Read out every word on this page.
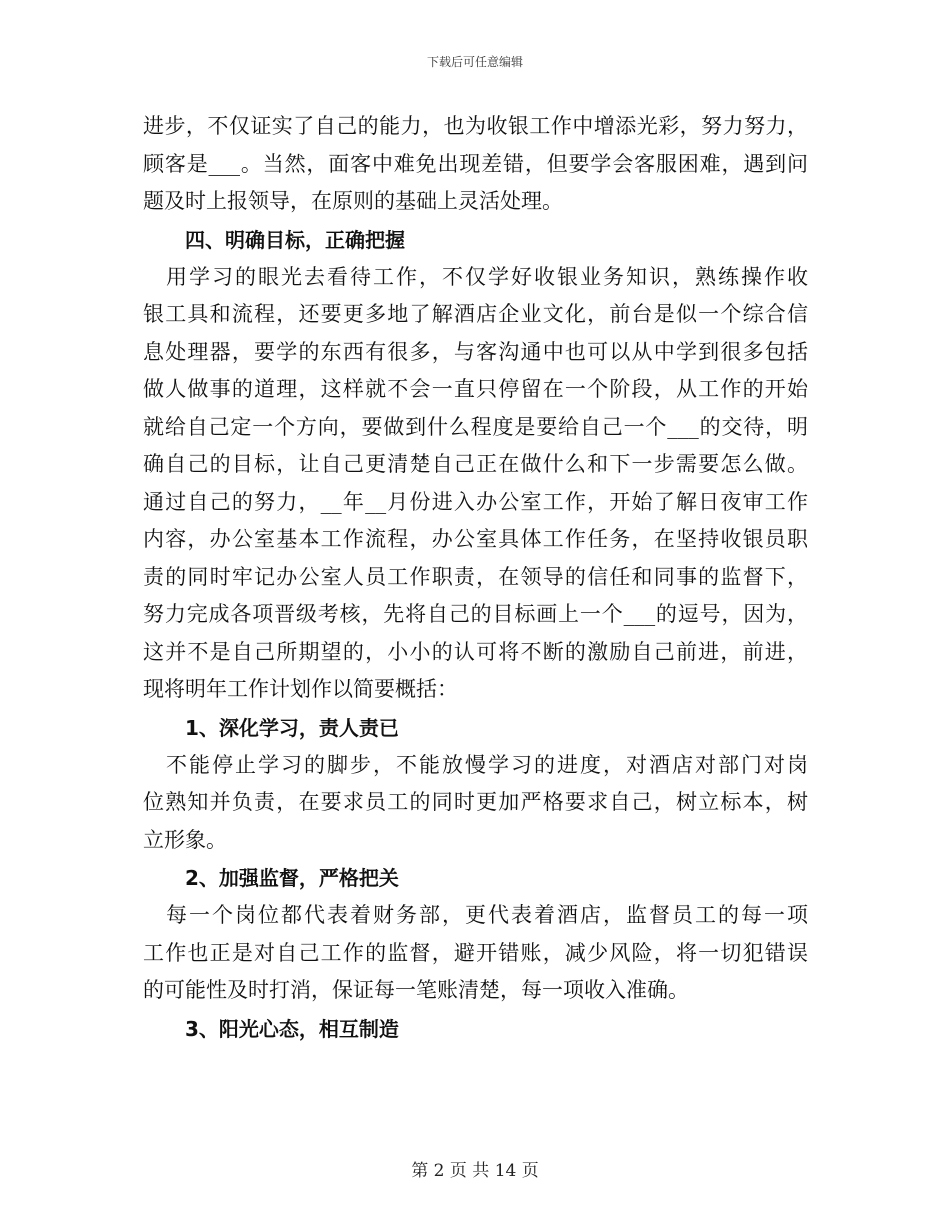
下载后可任意编辑
进步，不仅证实了自己的能力，也为收银工作中增添光彩，努力努力，
顾客是___。当然，面客中难免出现差错，但要学会客服困难，遇到问
题及时上报领导，在原则的基础上灵活处理。
四、明确目标，正确把握
　用学习的眼光去看待工作，不仅学好收银业务知识，熟练操作收
银工具和流程，还要更多地了解酒店企业文化，前台是似一个综合信
息处理器，要学的东西有很多，与客沟通中也可以从中学到很多包括
做人做事的道理，这样就不会一直只停留在一个阶段，从工作的开始
就给自己定一个方向，要做到什么程度是要给自己一个___的交待，明
确自己的目标，让自己更清楚自己正在做什么和下一步需要怎么做。
通过自己的努力，__年__月份进入办公室工作，开始了解日夜审工作
内容，办公室基本工作流程，办公室具体工作任务，在坚持收银员职
责的同时牢记办公室人员工作职责，在领导的信任和同事的监督下，
努力完成各项晋级考核，先将自己的目标画上一个___的逗号，因为，
这并不是自己所期望的，小小的认可将不断的激励自己前进，前进，
现将明年工作计划作以简要概括：
1、深化学习，责人责已
　不能停止学习的脚步，不能放慢学习的进度，对酒店对部门对岗
位熟知并负责，在要求员工的同时更加严格要求自己，树立标本，树
立形象。
2、加强监督，严格把关
　每一个岗位都代表着财务部，更代表着酒店，监督员工的每一项
工作也正是对自己工作的监督，避开错账，减少风险，将一切犯错误
的可能性及时打消，保证每一笔账清楚，每一项收入准确。
3、阳光心态，相互制造
第 2 页 共 14 页
